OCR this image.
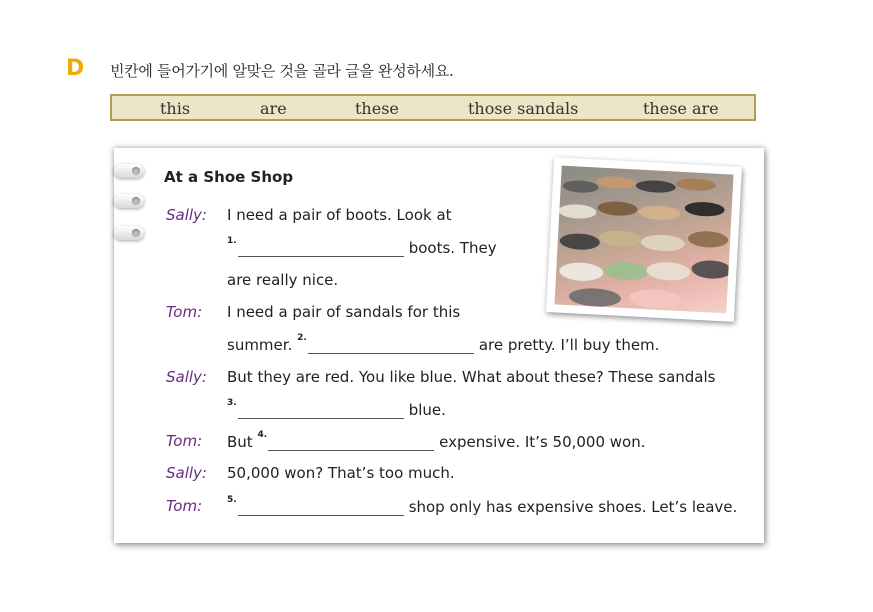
D 빈칸에 들어가기에 알맞은 것을 골라 글을 완성하세요.
this	are	these	those sandals	these are
At a Shoe Shop
Sally: I need a pair of boots. Look at
$^{1.}$	boots. They
are really nice.
Tom: I need a pair of sandals for this
summer. $^{2.}$	are pretty. I’ll buy them.
Sally: But they are red. You like blue. What about these? These sandals
$^{3.}$	blue.
Tom: But $^{4.}$	expensive. It’s 50,000 won.
Sally: 50,000 won? That’s too much.
Tom:	$^{5.}$	shop only has expensive shoes. Let’s leave.
